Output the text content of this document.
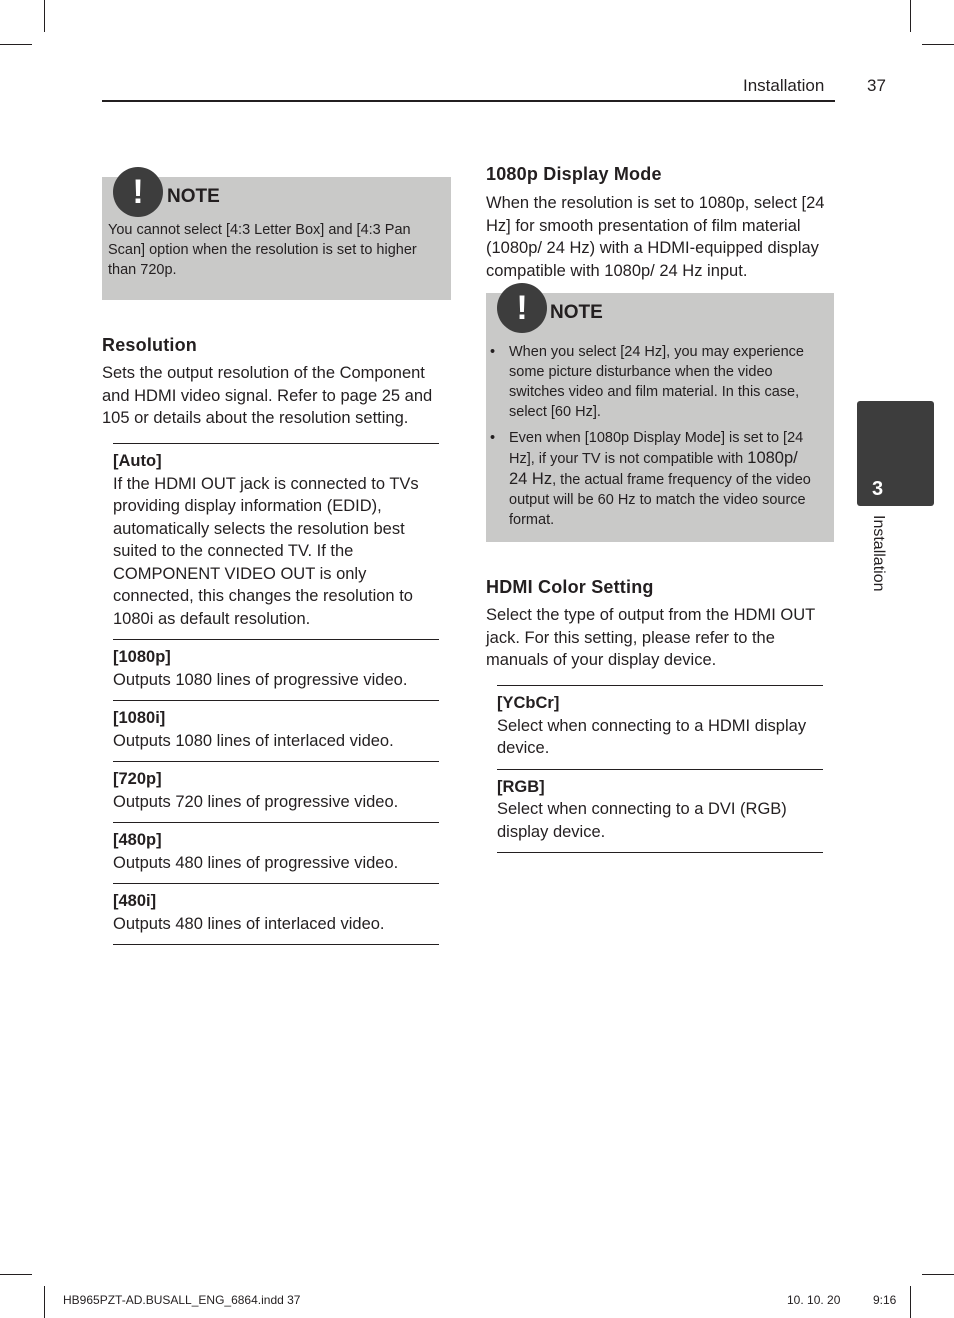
Installation	37
!	NOTE
You cannot select [4:3 Letter Box] and [4:3 Pan Scan] option when the resolution is set to higher than 720p.
Resolution
Sets the output resolution of the Component and HDMI video signal. Refer to page 25 and 105 or details about the resolution setting.
[Auto]
If the HDMI OUT jack is connected to TVs providing display information (EDID), automatically selects the resolution best suited to the connected TV. If the COMPONENT VIDEO OUT is only connected, this changes the resolution to 1080i as default resolution.
[1080p]
Outputs 1080 lines of progressive video.
[1080i]
Outputs 1080 lines of interlaced video.
[720p]
Outputs 720 lines of progressive video.
[480p]
Outputs 480 lines of progressive video.
[480i]
Outputs 480 lines of interlaced video.
1080p Display Mode
When the resolution is set to 1080p, select [24 Hz] for smooth presentation of film material (1080p/ 24 Hz) with a HDMI-equipped display compatible with 1080p/ 24 Hz input.
!	NOTE
• When you select [24 Hz], you may experience some picture disturbance when the video switches video and film material. In this case, select [60 Hz].
• Even when [1080p Display Mode] is set to [24 Hz], if your TV is not compatible with 1080p/ 24 Hz, the actual frame frequency of the video output will be 60 Hz to match the video source format.
HDMI Color Setting
Select the type of output from the HDMI OUT jack. For this setting, please refer to the manuals of your display device.
[YCbCr]
Select when connecting to a HDMI display device.
[RGB]
Select when connecting to a DVI (RGB) display device.
3
Installation
HB965PZT-AD.BUSALL_ENG_6864.indd 37	10. 10. 20	9:16
